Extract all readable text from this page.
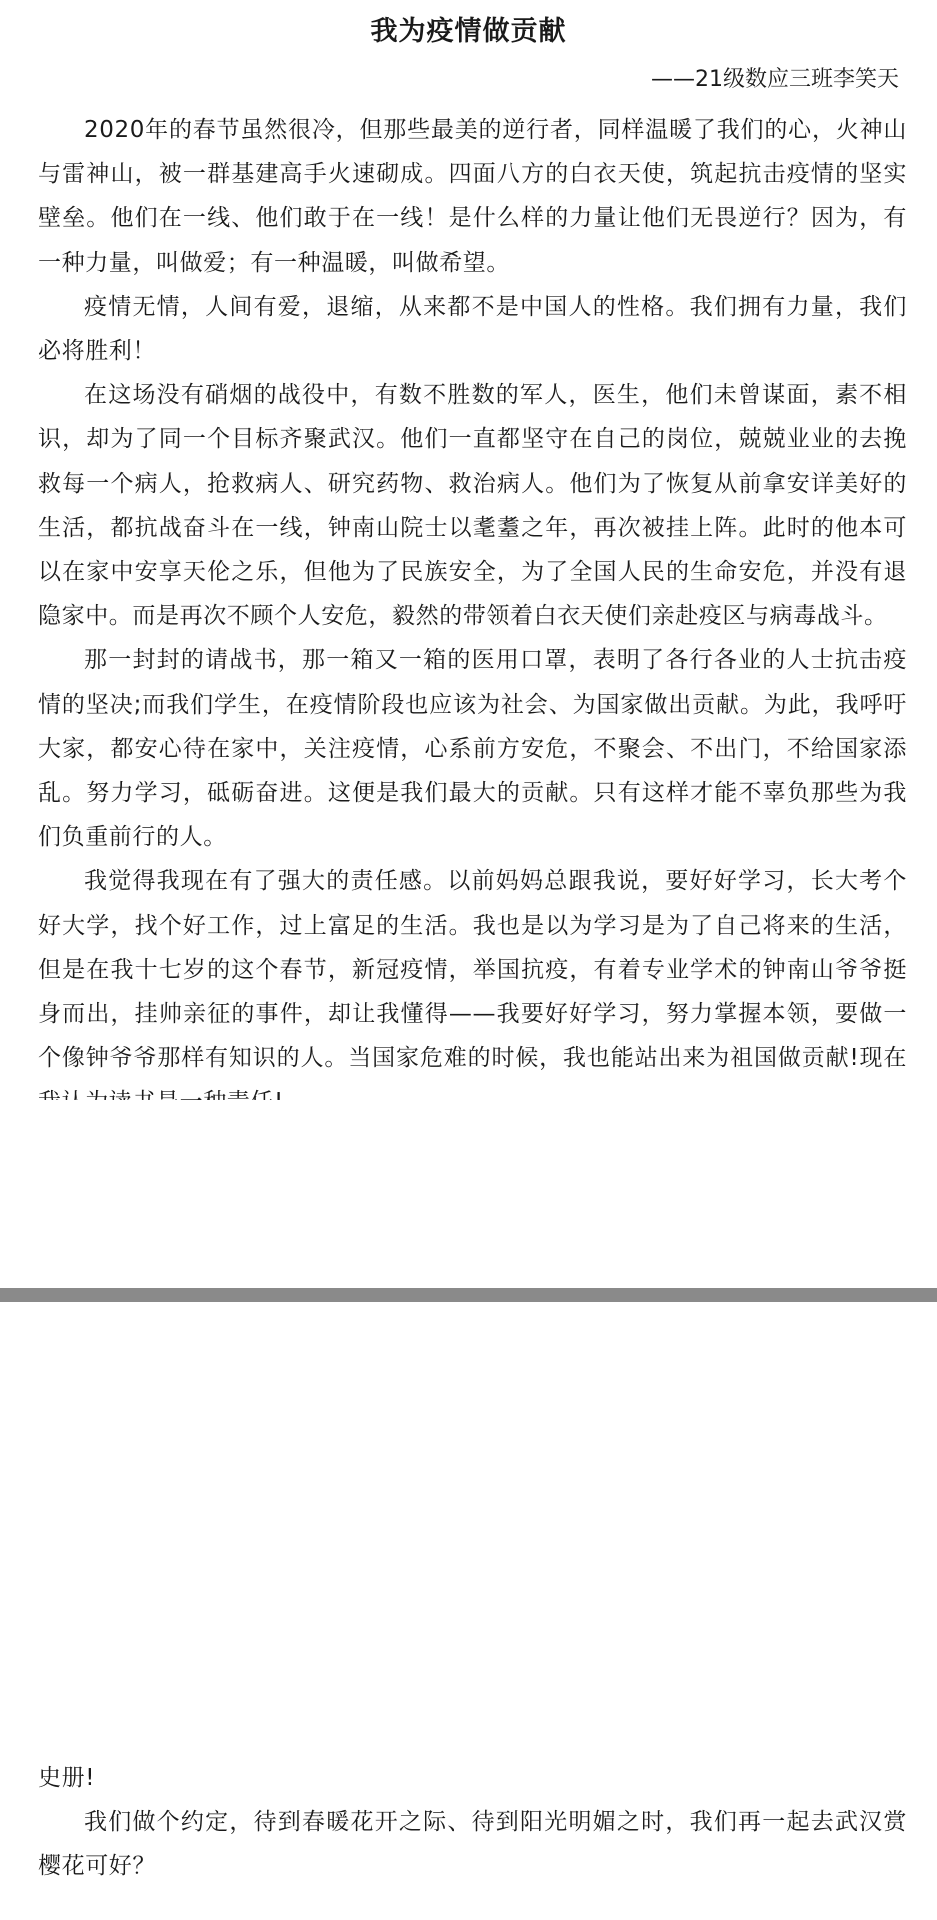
我为疫情做贡献
——21级数应三班李笑天

2020年的春节虽然很冷，但那些最美的逆行者，同样温暖了我们的心，火神山与雷神山，被一群基建高手火速砌成。四面八方的白衣天使，筑起抗击疫情的坚实壁垒。他们在一线、他们敢于在一线！是什么样的力量让他们无畏逆行？因为，有一种力量，叫做爱；有一种温暖，叫做希望。

疫情无情，人间有爱，退缩，从来都不是中国人的性格。我们拥有力量，我们必将胜利！

在这场没有硝烟的战役中，有数不胜数的军人，医生，他们未曾谋面，素不相识，却为了同一个目标齐聚武汉。他们一直都坚守在自己的岗位，兢兢业业的去挽救每一个病人，抢救病人、研究药物、救治病人。他们为了恢复从前拿安详美好的生活，都抗战奋斗在一线，钟南山院士以耄耋之年，再次被挂上阵。此时的他本可以在家中安享天伦之乐，但他为了民族安全，为了全国人民的生命安危，并没有退隐家中。而是再次不顾个人安危，毅然的带领着白衣天使们亲赴疫区与病毒战斗。

那一封封的请战书，那一箱又一箱的医用口罩，表明了各行各业的人士抗击疫情的坚决;而我们学生，在疫情阶段也应该为社会、为国家做出贡献。为此，我呼吁大家，都安心待在家中，关注疫情，心系前方安危，不聚会、不出门，不给国家添乱。努力学习，砥砺奋进。这便是我们最大的贡献。只有这样才能不辜负那些为我们负重前行的人。

我觉得我现在有了强大的责任感。以前妈妈总跟我说，要好好学习，长大考个好大学，找个好工作，过上富足的生活。我也是以为学习是为了自己将来的生活，但是在我十七岁的这个春节，新冠疫情，举国抗疫，有着专业学术的钟南山爷爷挺身而出，挂帅亲征的事件，却让我懂得——我要好好学习，努力掌握本领，要做一个像钟爷爷那样有知识的人。当国家危难的时候，我也能站出来为祖国做贡献!现在

史册!

我们做个约定，待到春暖花开之际、待到阳光明媚之时，我们再一起去武汉赏樱花可好？
